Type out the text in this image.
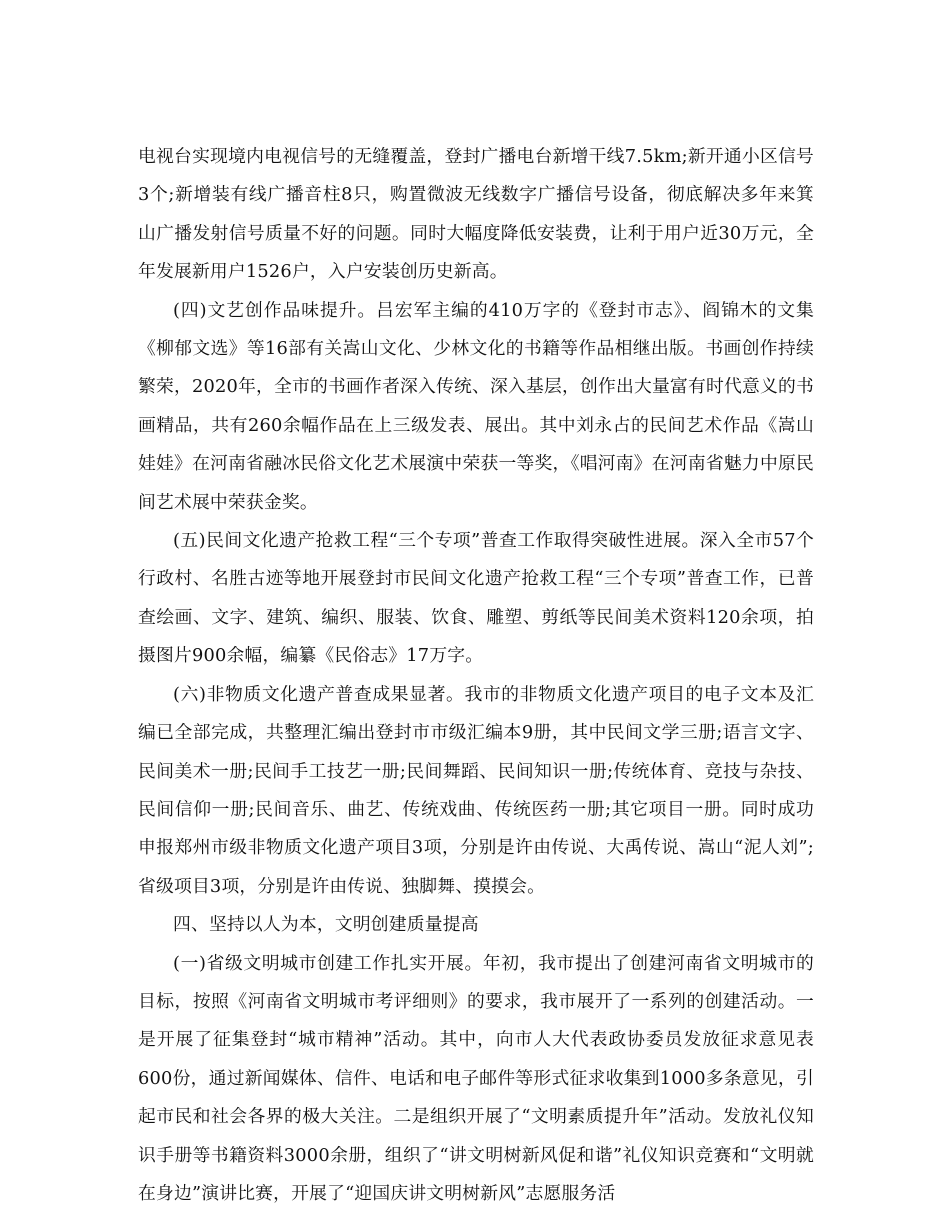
电视台实现境内电视信号的无缝覆盖，登封广播电台新增干线7.5km;新开通小区信号3个;新增装有线广播音柱8只，购置微波无线数字广播信号设备，彻底解决多年来箕山广播发射信号质量不好的问题。同时大幅度降低安装费，让利于用户近30万元，全年发展新用户1526户，入户安装创历史新高。

(四)文艺创作品味提升。吕宏军主编的410万字的《登封市志》、阎锦木的文集《柳郁文选》等16部有关嵩山文化、少林文化的书籍等作品相继出版。书画创作持续繁荣，2020年，全市的书画作者深入传统、深入基层，创作出大量富有时代意义的书画精品，共有260余幅作品在上三级发表、展出。其中刘永占的民间艺术作品《嵩山娃娃》在河南省融冰民俗文化艺术展演中荣获一等奖，《唱河南》在河南省魅力中原民间艺术展中荣获金奖。

(五)民间文化遗产抢救工程“三个专项”普查工作取得突破性进展。深入全市57个行政村、名胜古迹等地开展登封市民间文化遗产抢救工程“三个专项”普查工作，已普查绘画、文字、建筑、编织、服装、饮食、雕塑、剪纸等民间美术资料120余项，拍摄图片900余幅，编纂《民俗志》17万字。

(六)非物质文化遗产普查成果显著。我市的非物质文化遗产项目的电子文本及汇编已全部完成，共整理汇编出登封市市级汇编本9册，其中民间文学三册;语言文字、民间美术一册;民间手工技艺一册;民间舞蹈、民间知识一册;传统体育、竞技与杂技、民间信仰一册;民间音乐、曲艺、传统戏曲、传统医药一册;其它项目一册。同时成功申报郑州市级非物质文化遗产项目3项，分别是许由传说、大禹传说、嵩山“泥人刘”;省级项目3项，分别是许由传说、独脚舞、摸摸会。

四、坚持以人为本，文明创建质量提高

(一)省级文明城市创建工作扎实开展。年初，我市提出了创建河南省文明城市的目标，按照《河南省文明城市考评细则》的要求，我市展开了一系列的创建活动。一是开展了征集登封“城市精神”活动。其中，向市人大代表政协委员发放征求意见表600份，通过新闻媒体、信件、电话和电子邮件等形式征求收集到1000多条意见，引起市民和社会各界的极大关注。二是组织开展了“文明素质提升年”活动。发放礼仪知识手册等书籍资料3000余册，组织了“讲文明树新风促和谐”礼仪知识竞赛和“文明就在身边”演讲比赛，开展了“迎国庆讲文明树新风”志愿服务活
